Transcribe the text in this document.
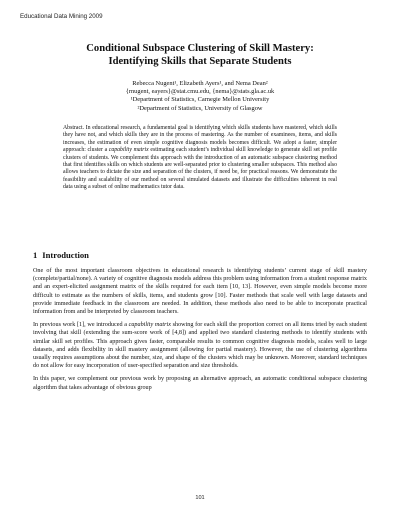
Educational Data Mining 2009
Conditional Subspace Clustering of Skill Mastery:
Identifying Skills that Separate Students
Rebecca Nugent¹, Elizabeth Ayers¹, and Nema Dean²
{rnugent, eayers}@stat.cmu.edu, {nema}@stats.gla.ac.uk
¹Department of Statistics, Carnegie Mellon University
²Department of Statistics, University of Glasgow
Abstract. In educational research, a fundamental goal is identifying which skills students have mastered, which skills they have not, and which skills they are in the process of mastering. As the number of examinees, items, and skills increases, the estimation of even simple cognitive diagnosis models becomes difficult. We adopt a faster, simpler approach: cluster a capability matrix estimating each student’s individual skill knowledge to generate skill set profile clusters of students. We complement this approach with the introduction of an automatic subspace clustering method that first identifies skills on which students are well-separated prior to clustering smaller subspaces. This method also allows teachers to dictate the size and separation of the clusters, if need be, for practical reasons. We demonstrate the feasibility and scalability of our method on several simulated datasets and illustrate the difficulties inherent in real data using a subset of online mathematics tutor data.
1 Introduction

One of the most important classroom objectives in educational research is identifying students’ current stage of skill mastery (complete/partial/none). A variety of cognitive diagnosis models address this problem using information from a student response matrix and an expert-elicited assignment matrix of the skills required for each item [10, 13]. However, even simple models become more difficult to estimate as the numbers of skills, items, and students grow [10]. Faster methods that scale well with large datasets and provide immediate feedback in the classroom are needed. In addition, these methods also need to be able to incorporate practical information from and be interpreted by classroom teachers.

In previous work [1], we introduced a capability matrix showing for each skill the proportion correct on all items tried by each student involving that skill (extending the sum-score work of [4,8]) and applied two standard clustering methods to identify students with similar skill set profiles. This approach gives faster, comparable results to common cognitive diagnosis models, scales well to large datasets, and adds flexibility in skill mastery assignment (allowing for partial mastery). However, the use of clustering algorithms usually requires assumptions about the number, size, and shape of the clusters which may be unknown. Moreover, standard techniques do not allow for easy incorporation of user-specified separation and size thresholds.

In this paper, we complement our previous work by proposing an alternative approach, an automatic conditional subspace clustering algorithm that takes advantage of obvious group

101
